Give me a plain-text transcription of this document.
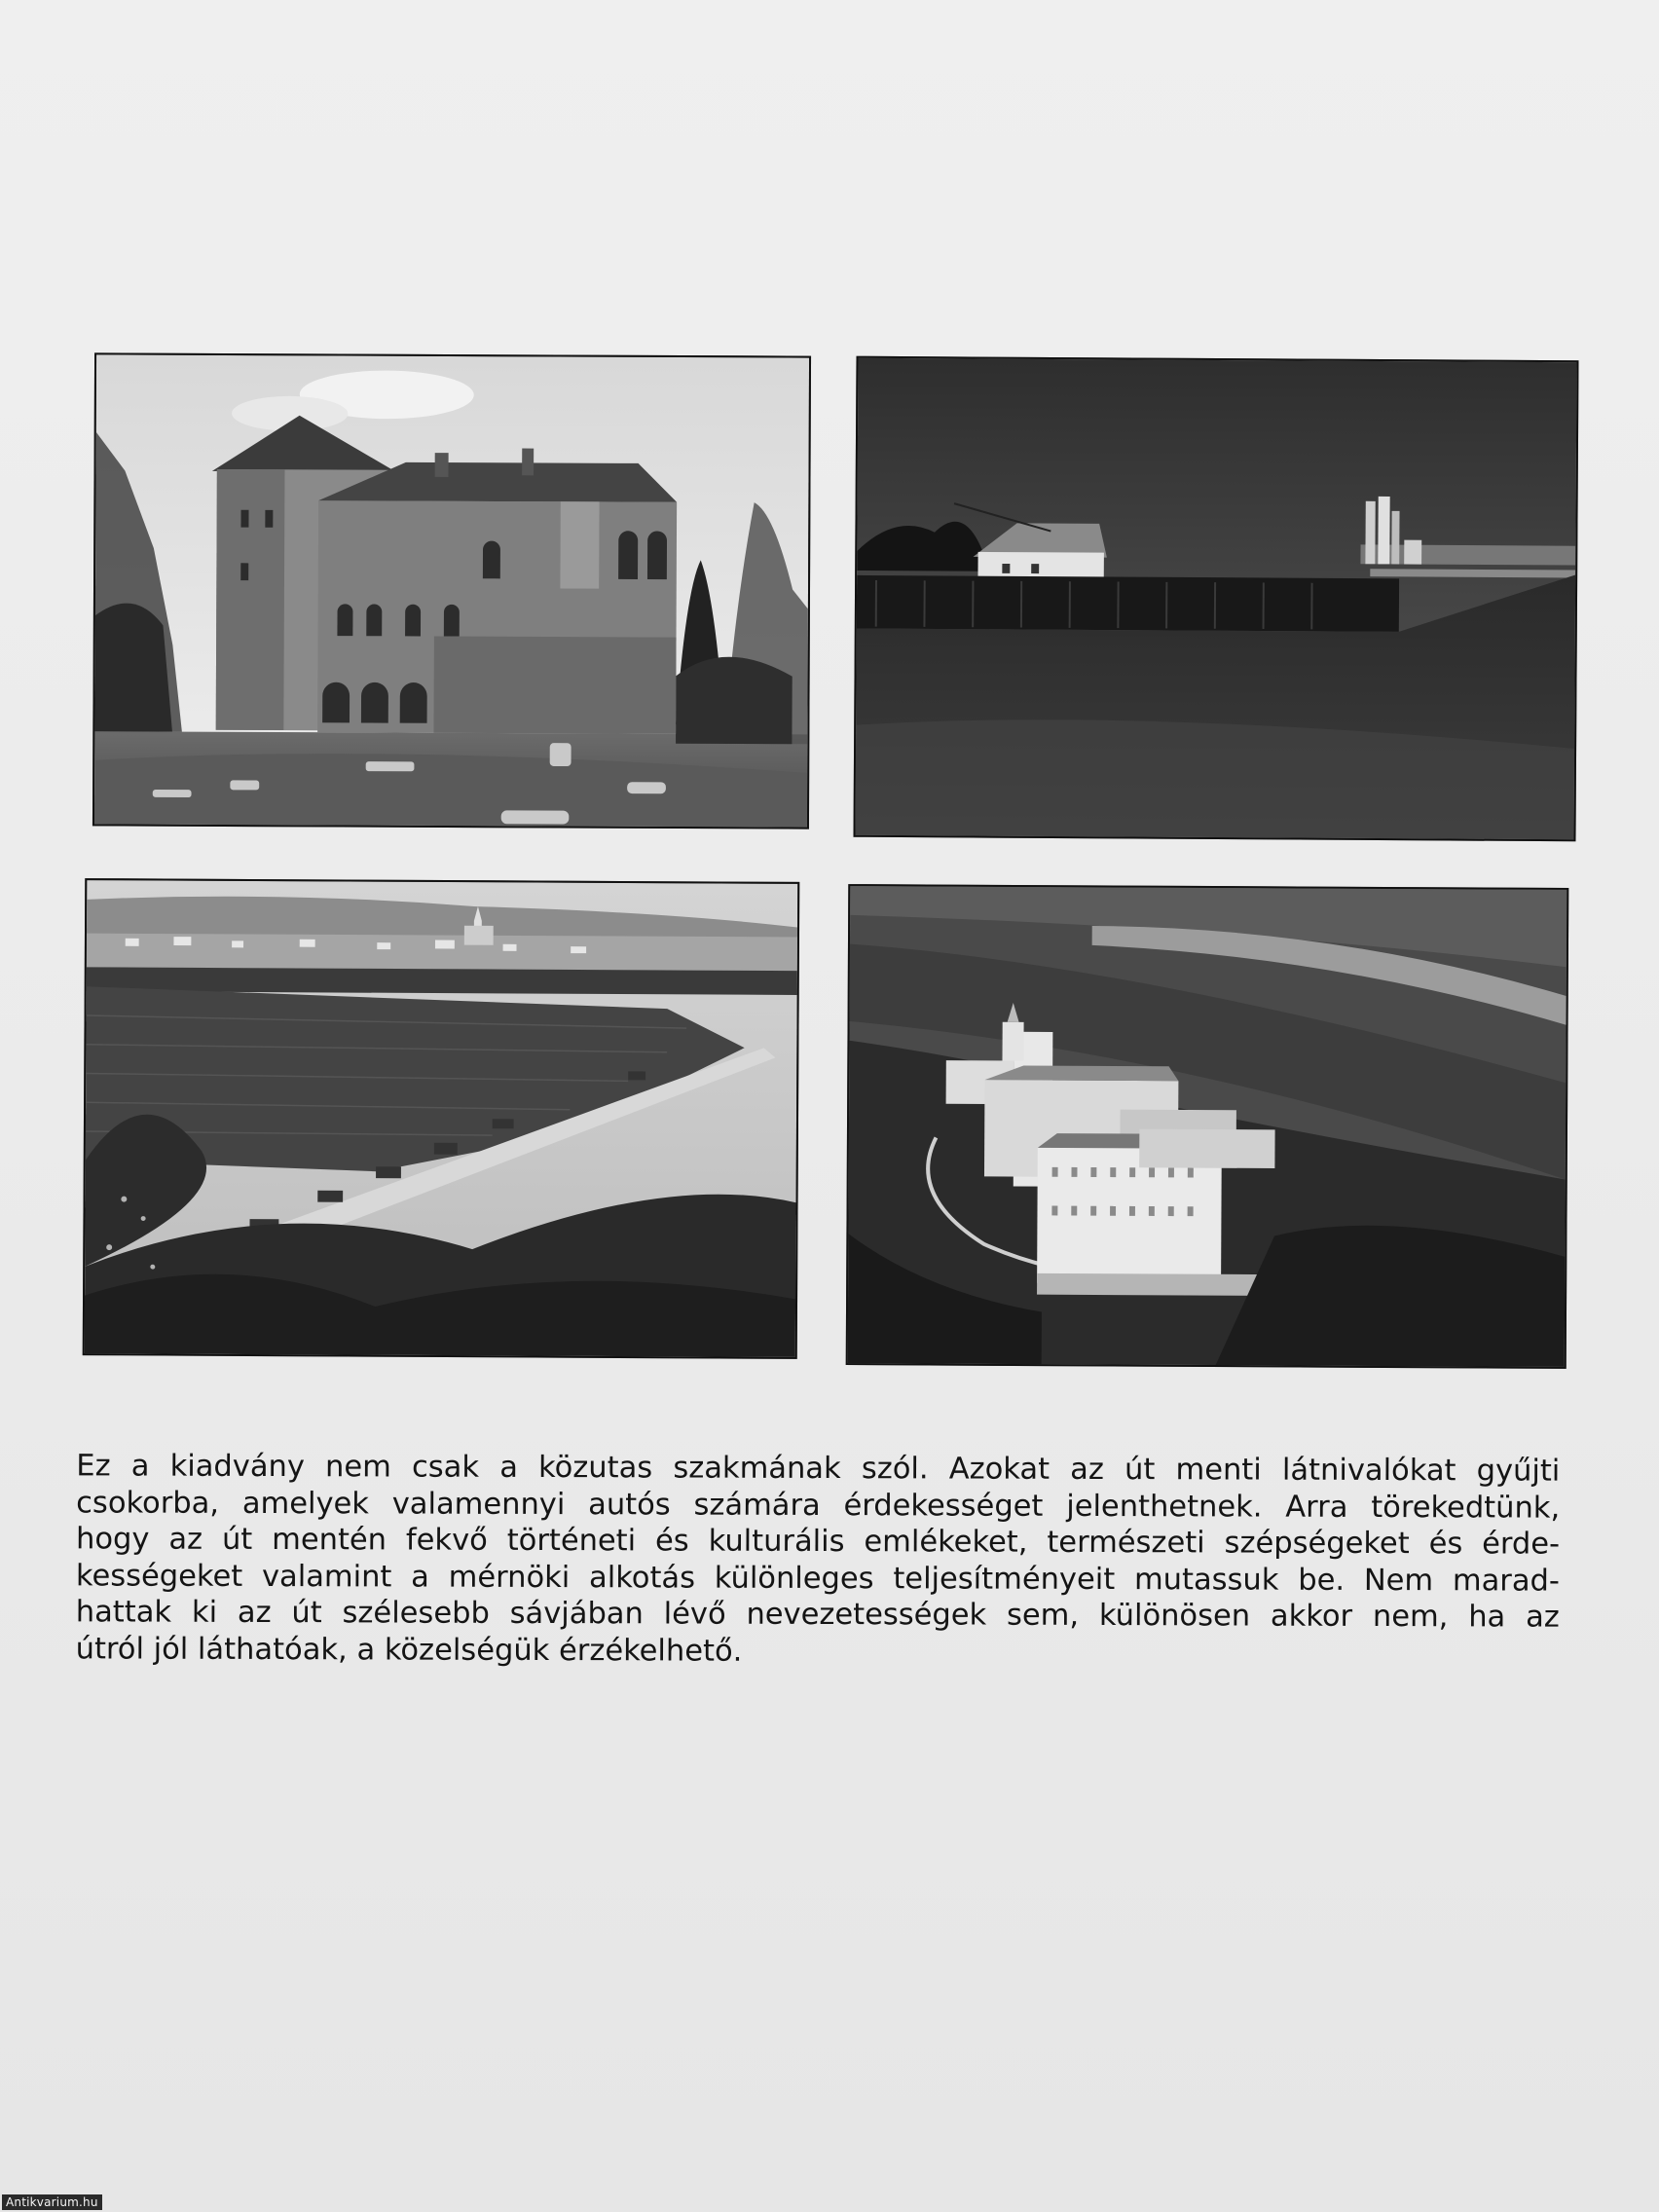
Ez a kiadvány nem csak a közutas szakmának szól. Azokat az út menti látnivalókat gyűjti
csokorba, amelyek valamennyi autós számára érdekességet jelenthetnek. Arra törekedtünk,
hogy az út mentén fekvő történeti és kulturális emlékeket, természeti szépségeket és érde-
kességeket valamint a mérnöki alkotás különleges teljesítményeit mutassuk be. Nem marad-
hattak ki az út szélesebb sávjában lévő nevezetességek sem, különösen akkor nem, ha az
útról jól láthatóak, a közelségük érzékelhető.

Antikvarium.hu
